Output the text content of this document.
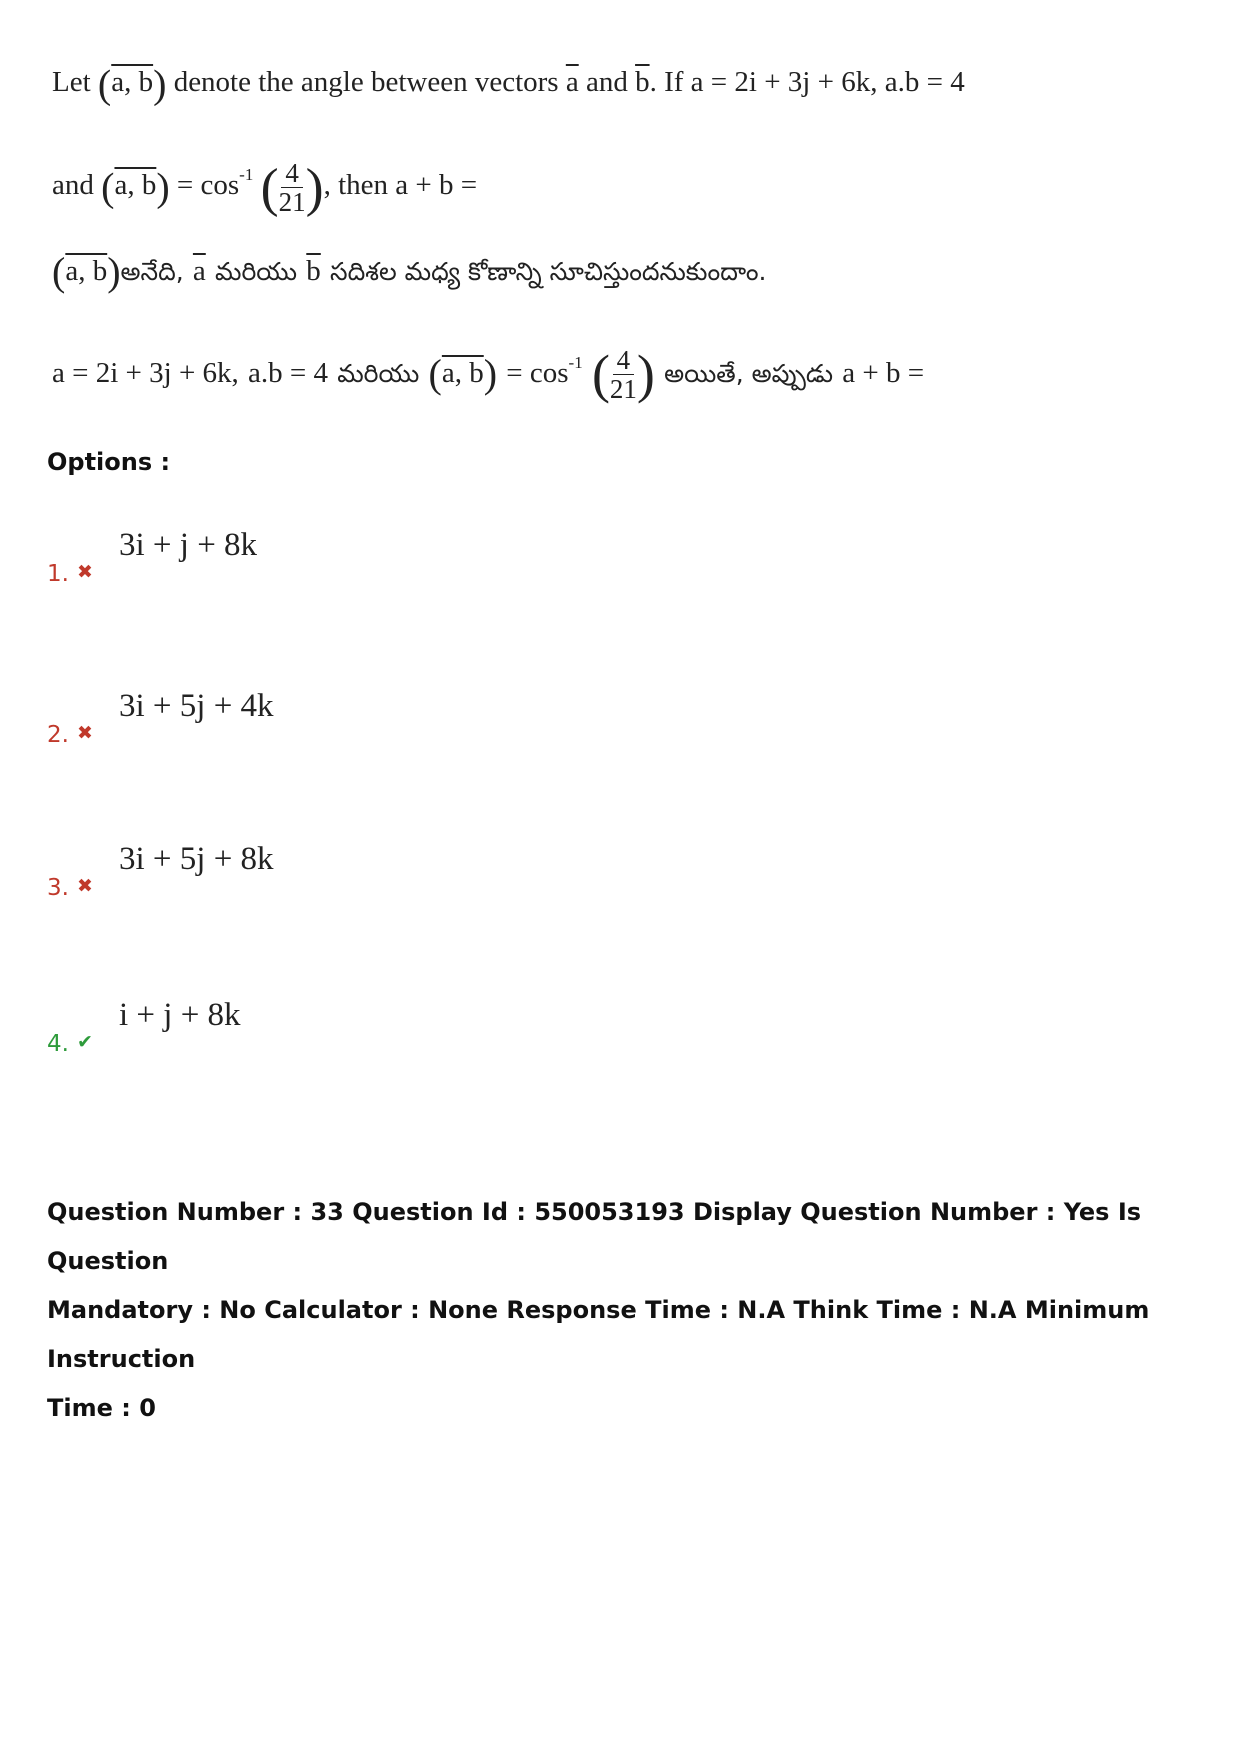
Let (a, b) denote the angle between vectors $\overline{a}$ and $\overline{b}$. If a = 2i + 3j + 6k, a.b = 4
and (a, $b) = \cos^{-1}$ ( $\frac{4}{21}$ ), then a + b =
(a, b)అనేది, $\overline{a}$ మరియు $\overline{b}$ సదిశల మధ్య కోణాన్ని సూచిస్తుందనుకుందాం.
a = 2i + 3j + 6k, a.b = 4 మరియు (a, $b) = \cos^{-1}$ ( $\frac{4}{21}$ ) అయితే, అప్పుడు a + b =
Options :
1. ✖
3i + j + 8k
2. ✖
3i + 5j + 4k
3. ✖
3i + 5j + 8k
4. ✔
i + j + 8k
Question Number : 33 Question Id : 550053193 Display Question Number : Yes Is Question
Mandatory : No Calculator : None Response Time : N.A Think Time : N.A Minimum Instruction
Time : 0
